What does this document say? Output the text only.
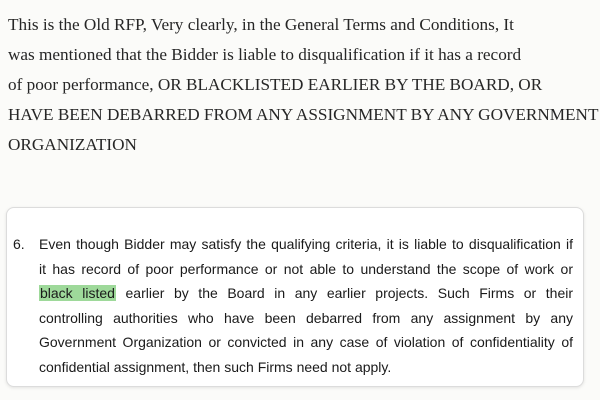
This is the Old RFP, Very clearly, in the General Terms and Conditions, It
was mentioned that the Bidder is liable to disqualification if it has a record
of poor performance, OR BLACKLISTED EARLIER BY THE BOARD, OR
HAVE BEEN DEBARRED FROM ANY ASSIGNMENT BY ANY GOVERNMENT
ORGANIZATION
6. Even though Bidder may satisfy the qualifying criteria, it is liable to disqualification if
it has record of poor performance or not able to understand the scope of work or
black listed earlier by the Board in any earlier projects. Such Firms or their
controlling authorities who have been debarred from any assignment by any
Government Organization or convicted in any case of violation of confidentiality of
confidential assignment, then such Firms need not apply.
